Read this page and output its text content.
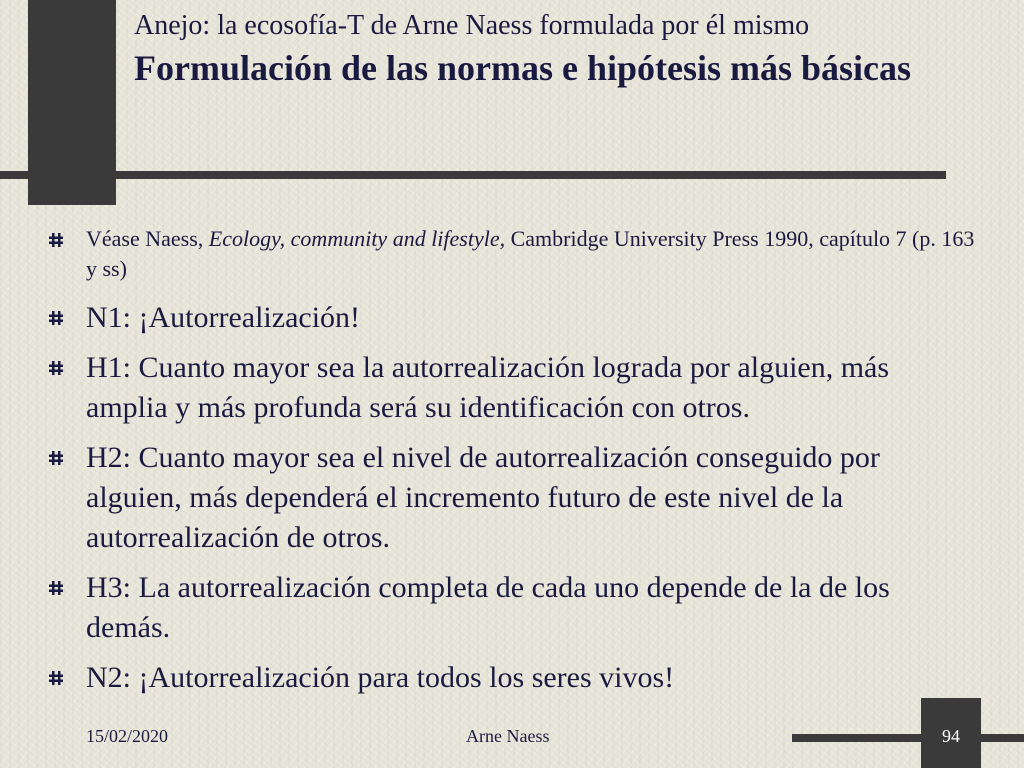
Anejo: la ecosofía-T de Arne Naess formulada por él mismo
Formulación de las normas e hipótesis más básicas
Véase Naess, Ecology, community and lifestyle, Cambridge University Press 1990, capítulo 7 (p. 163 y ss)
N1: ¡Autorrealización!
H1: Cuanto mayor sea la autorrealización lograda por alguien, más amplia y más profunda será su identificación con otros.
H2: Cuanto mayor sea el nivel de autorrealización conseguido por alguien, más dependerá el incremento futuro de este nivel de la autorrealización de otros.
H3: La autorrealización completa de cada uno depende de la de los demás.
N2: ¡Autorrealización para todos los seres vivos!
15/02/2020	Arne Naess	94
